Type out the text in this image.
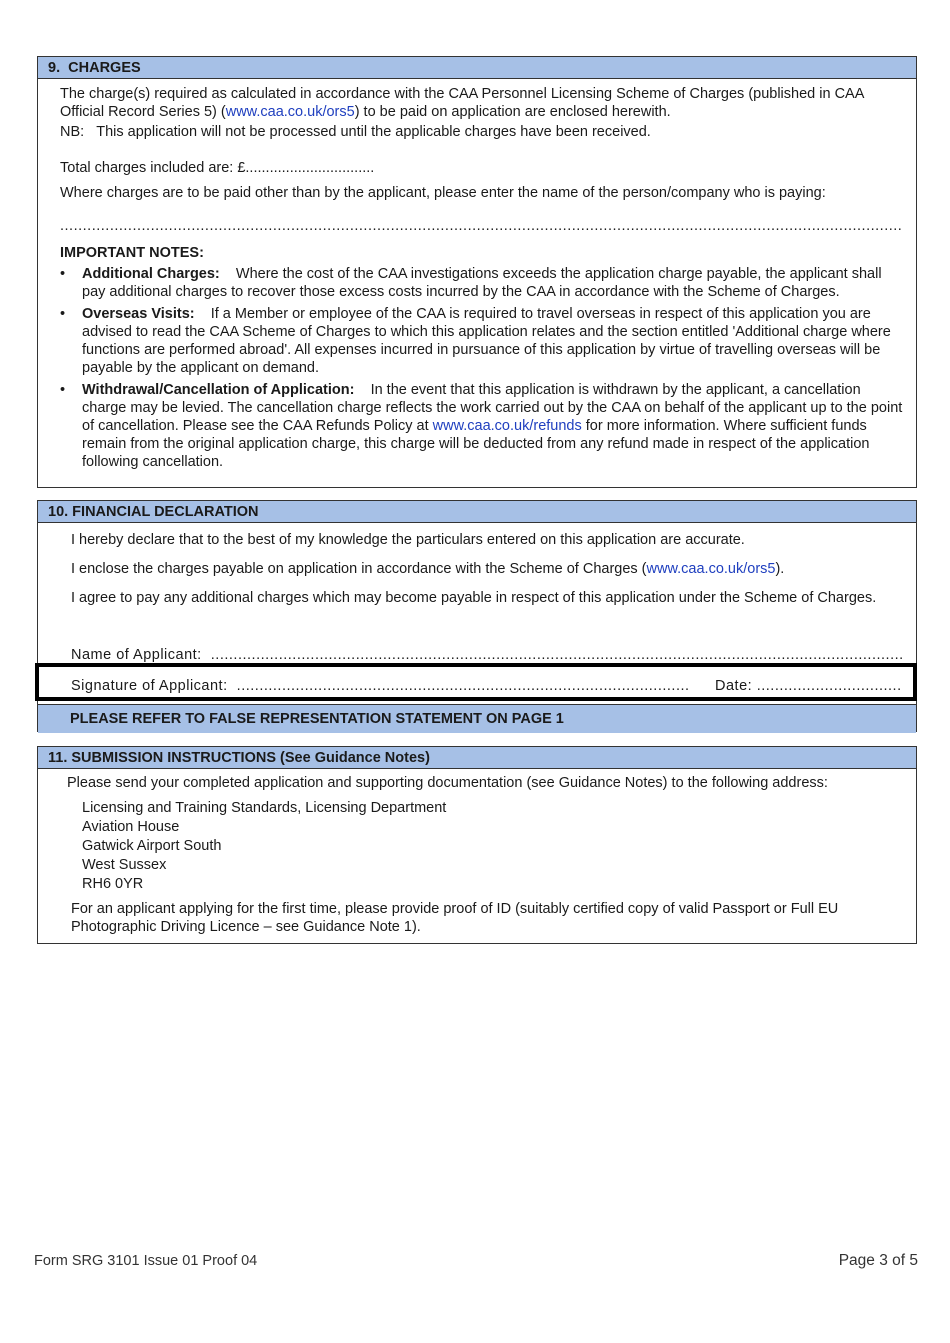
9.  CHARGES

The charge(s) required as calculated in accordance with the CAA Personnel Licensing Scheme of Charges (published in CAA Official Record Series 5) (www.caa.co.uk/ors5) to be paid on application are enclosed herewith.

NB:   This application will not be processed until the applicable charges have been received.

Total charges included are: £................................

Where charges are to be paid other than by the applicant, please enter the name of the person/company who is paying:

..........................................................................................................................................................................................

IMPORTANT NOTES:

• Additional Charges: Where the cost of the CAA investigations exceeds the application charge payable, the applicant shall pay additional charges to recover those excess costs incurred by the CAA in accordance with the Scheme of Charges.
• Overseas Visits: If a Member or employee of the CAA is required to travel overseas in respect of this application you are advised to read the CAA Scheme of Charges to which this application relates and the section entitled 'Additional charge where functions are performed abroad'. All expenses incurred in pursuance of this application by virtue of travelling overseas will be payable by the applicant on demand.
• Withdrawal/Cancellation of Application: In the event that this application is withdrawn by the applicant, a cancellation charge may be levied. The cancellation charge reflects the work carried out by the CAA on behalf of the applicant up to the point of cancellation. Please see the CAA Refunds Policy at www.caa.co.uk/refunds for more information. Where sufficient funds remain from the original application charge, this charge will be deducted from any refund made in respect of the application following cancellation.
10. FINANCIAL DECLARATION

I hereby declare that to the best of my knowledge the particulars entered on this application are accurate.

I enclose the charges payable on application in accordance with the Scheme of Charges (www.caa.co.uk/ors5).

I agree to pay any additional charges which may become payable in respect of this application under the Scheme of Charges.

Name of Applicant: .........................................................................................................................................................

Signature of Applicant: ....................................................................................................	Date: ................................

PLEASE REFER TO FALSE REPRESENTATION STATEMENT ON PAGE 1

11. SUBMISSION INSTRUCTIONS (See Guidance Notes)

Please send your completed application and supporting documentation (see Guidance Notes) to the following address:

Licensing and Training Standards, Licensing Department
Aviation House
Gatwick Airport South
West Sussex
RH6 0YR

For an applicant applying for the first time, please provide proof of ID (suitably certified copy of valid Passport or Full EU Photographic Driving Licence – see Guidance Note 1).

Form SRG 3101 Issue 01 Proof 04	Page 3 of 5
